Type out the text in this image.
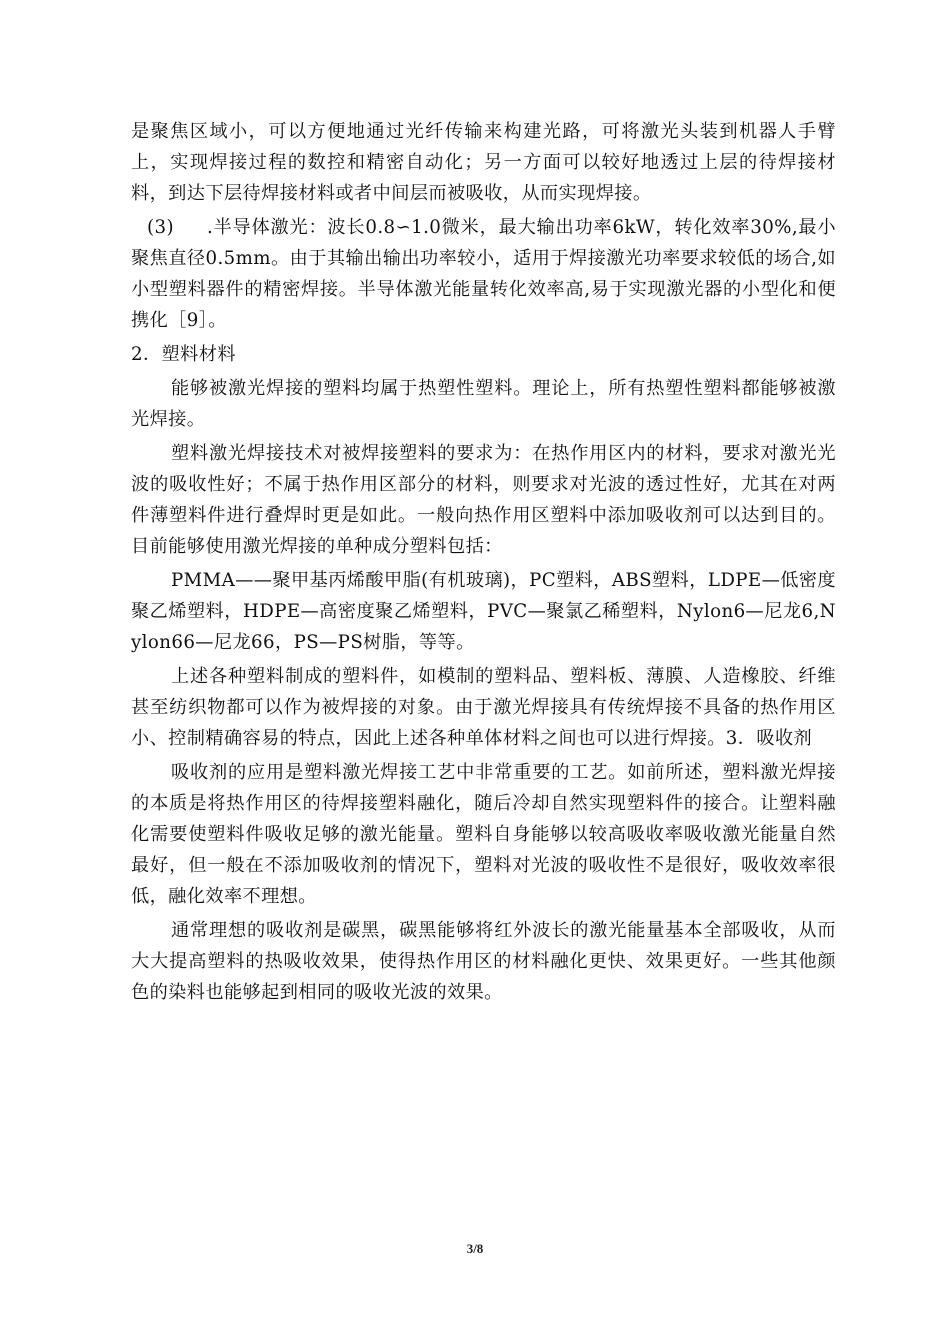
是聚焦区域小，可以方便地通过光纤传输来构建光路，可将激光头装到机器人手臂上，实现焊接过程的数控和精密自动化；另一方面可以较好地透过上层的待焊接材料，到达下层待焊接材料或者中间层而被吸收，从而实现焊接。

(3) .半导体激光：波长0.8∽1.0微米，最大输出功率6kW，转化效率30%,最小聚焦直径0.5mm。由于其输出输出功率较小，适用于焊接激光功率要求较低的场合,如小型塑料器件的精密焊接。半导体激光能量转化效率高,易于实现激光器的小型化和便携化［9］。

2．塑料材料

能够被激光焊接的塑料均属于热塑性塑料。理论上，所有热塑性塑料都能够被激光焊接。

塑料激光焊接技术对被焊接塑料的要求为：在热作用区内的材料，要求对激光光波的吸收性好；不属于热作用区部分的材料，则要求对光波的透过性好，尤其在对两件薄塑料件进行叠焊时更是如此。一般向热作用区塑料中添加吸收剂可以达到目的。目前能够使用激光焊接的单种成分塑料包括：

PMMA——聚甲基丙烯酸甲脂(有机玻璃)，PC塑料，ABS塑料，LDPE—低密度聚乙烯塑料，HDPE—高密度聚乙烯塑料，PVC—聚氯乙稀塑料，Nylon6—尼龙6,Nylon66—尼龙66，PS—PS树脂，等等。

上述各种塑料制成的塑料件，如模制的塑料品、塑料板、薄膜、人造橡胶、纤维甚至纺织物都可以作为被焊接的对象。由于激光焊接具有传统焊接不具备的热作用区小、控制精确容易的特点，因此上述各种单体材料之间也可以进行焊接。3．吸收剂

吸收剂的应用是塑料激光焊接工艺中非常重要的工艺。如前所述，塑料激光焊接的本质是将热作用区的待焊接塑料融化，随后冷却自然实现塑料件的接合。让塑料融化需要使塑料件吸收足够的激光能量。塑料自身能够以较高吸收率吸收激光能量自然最好，但一般在不添加吸收剂的情况下，塑料对光波的吸收性不是很好，吸收效率很低，融化效率不理想。

通常理想的吸收剂是碳黑，碳黑能够将红外波长的激光能量基本全部吸收，从而大大提高塑料的热吸收效果，使得热作用区的材料融化更快、效果更好。一些其他颜色的染料也能够起到相同的吸收光波的效果。

3/8
